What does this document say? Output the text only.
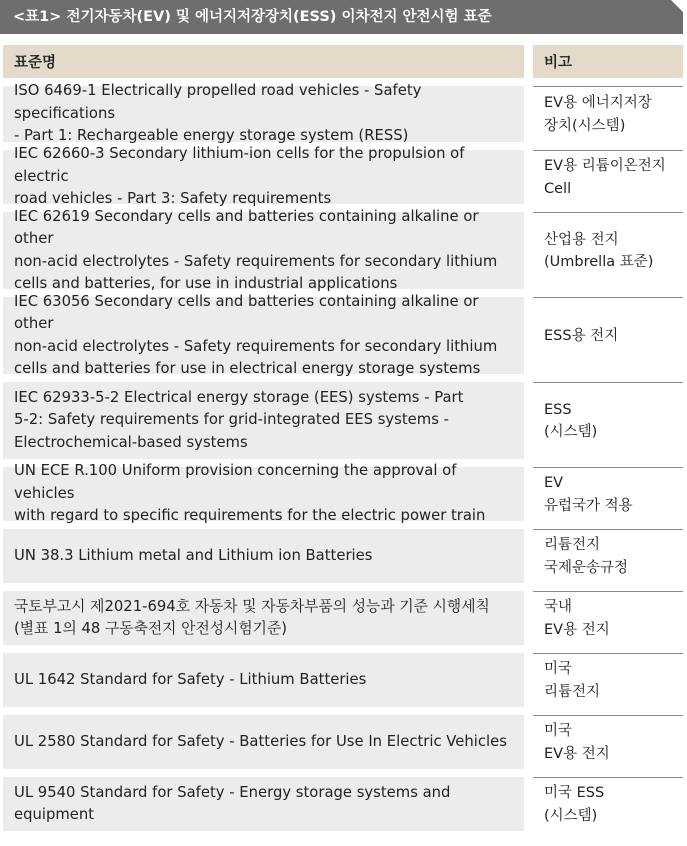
<표1> 전기자동차(EV) 및 에너지저장장치(ESS) 이차전지 안전시험 표준
표준명	비고
ISO 6469-1 Electrically propelled road vehicles - Safety specifications
- Part 1: Rechargeable energy storage system (RESS)
EV용 에너지저장
장치(시스템)
IEC 62660-3 Secondary lithium-ion cells for the propulsion of electric
road vehicles - Part 3: Safety requirements
EV용 리튬이온전지
Cell
IEC 62619 Secondary cells and batteries containing alkaline or other
non-acid electrolytes - Safety requirements for secondary lithium
cells and batteries, for use in industrial applications
산업용 전지
(Umbrella 표준)
IEC 63056 Secondary cells and batteries containing alkaline or other
non-acid electrolytes - Safety requirements for secondary lithium
cells and batteries for use in electrical energy storage systems
ESS용 전지
IEC 62933-5-2 Electrical energy storage (EES) systems - Part
5-2: Safety requirements for grid-integrated EES systems -
Electrochemical-based systems
ESS
(시스템)
UN ECE R.100 Uniform provision concerning the approval of vehicles
with regard to specific requirements for the electric power train
EV
유럽국가 적용
UN 38.3 Lithium metal and Lithium ion Batteries
리튬전지
국제운송규정
국토부고시 제2021-694호 자동차 및 자동차부품의 성능과 기준 시행세칙
(별표 1의 48 구동축전지 안전성시험기준)
국내
EV용 전지
UL 1642 Standard for Safety - Lithium Batteries
미국
리튬전지
UL 2580 Standard for Safety - Batteries for Use In Electric Vehicles
미국
EV용 전지
UL 9540 Standard for Safety - Energy storage systems and
equipment
미국 ESS
(시스템)
